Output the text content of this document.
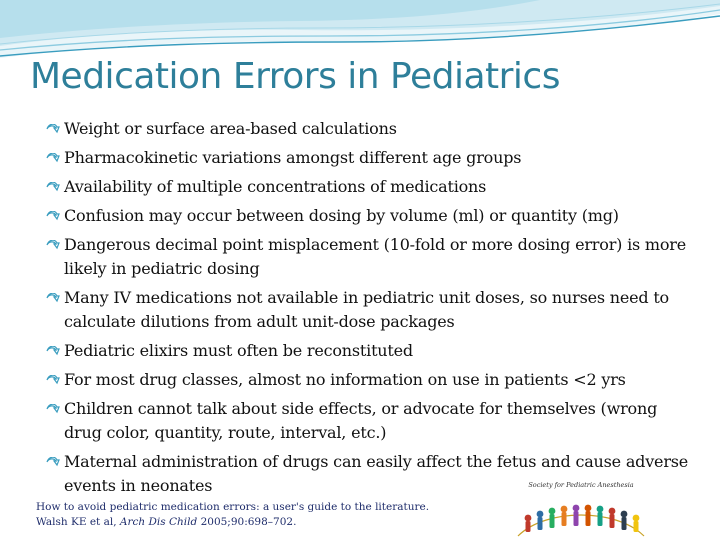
Medication Errors in Pediatrics
Weight or surface area-based calculations
Pharmacokinetic variations amongst different age groups
Availability of multiple concentrations of medications
Confusion may occur between dosing by volume (ml) or quantity (mg)
Dangerous decimal point misplacement (10-fold or more dosing error) is more likely in pediatric dosing
Many IV medications not available in pediatric unit doses, so nurses need to calculate dilutions from adult unit-dose packages
Pediatric elixirs must often be reconstituted
For most drug classes, almost no information on use in patients <2 yrs
Children cannot talk about side effects, or advocate for themselves (wrong drug color, quantity, route, interval, etc.)
Maternal administration of drugs can easily affect the fetus and cause adverse events in neonates
How to avoid pediatric medication errors: a user's guide to the literature.
Walsh KE et al, Arch Dis Child 2005;90:698–702.
Society for Pediatric Anesthesia
